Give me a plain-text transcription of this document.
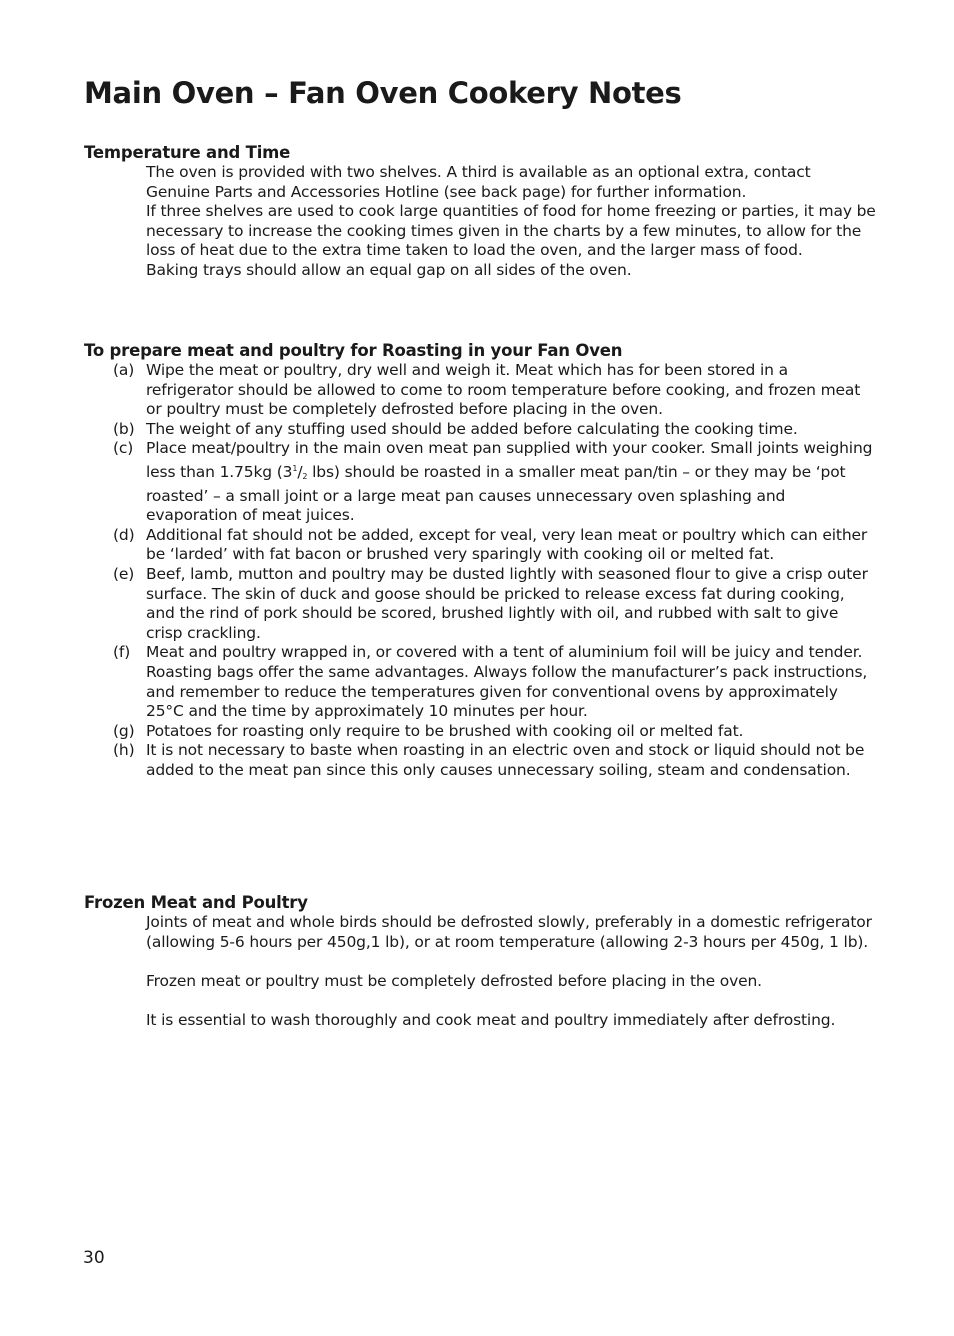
Main Oven – Fan Oven Cookery Notes
Temperature and Time

The oven is provided with two shelves. A third is available as an optional extra, contact Genuine Parts and Accessories Hotline (see back page) for further information.

If three shelves are used to cook large quantities of food for home freezing or parties, it may be necessary to increase the cooking times given in the charts by a few minutes, to allow for the loss of heat due to the extra time taken to load the oven, and the larger mass of food.

Baking trays should allow an equal gap on all sides of the oven.

To prepare meat and poultry for Roasting in your Fan Oven
(a) Wipe the meat or poultry, dry well and weigh it. Meat which has for been stored in a refrigerator should be allowed to come to room temperature before cooking, and frozen meat or poultry must be completely defrosted before placing in the oven.
(b) The weight of any stuffing used should be added before calculating the cooking time.
(c) Place meat/poultry in the main oven meat pan supplied with your cooker. Small joints weighing less than 1.75kg ($3^1/_2$ lbs) should be roasted in a smaller meat pan/tin – or they may be ‘pot roasted’ – a small joint or a large meat pan causes unnecessary oven splashing and evaporation of meat juices.
(d) Additional fat should not be added, except for veal, very lean meat or poultry which can either be ‘larded’ with fat bacon or brushed very sparingly with cooking oil or melted fat.
(e) Beef, lamb, mutton and poultry may be dusted lightly with seasoned flour to give a crisp outer surface. The skin of duck and goose should be pricked to release excess fat during cooking, and the rind of pork should be scored, brushed lightly with oil, and rubbed with salt to give crisp crackling.
(f) Meat and poultry wrapped in, or covered with a tent of aluminium foil will be juicy and tender. Roasting bags offer the same advantages. Always follow the manufacturer’s pack instructions, and remember to reduce the temperatures given for conventional ovens by approximately 25°C and the time by approximately 10 minutes per hour.
(g) Potatoes for roasting only require to be brushed with cooking oil or melted fat.
(h) It is not necessary to baste when roasting in an electric oven and stock or liquid should not be added to the meat pan since this only causes unnecessary soiling, steam and condensation.
Frozen Meat and Poultry

Joints of meat and whole birds should be defrosted slowly, preferably in a domestic refrigerator (allowing 5-6 hours per 450g,1 lb), or at room temperature (allowing 2-3 hours per 450g, 1 lb).

Frozen meat or poultry must be completely defrosted before placing in the oven.

It is essential to wash thoroughly and cook meat and poultry immediately after defrosting.

30
